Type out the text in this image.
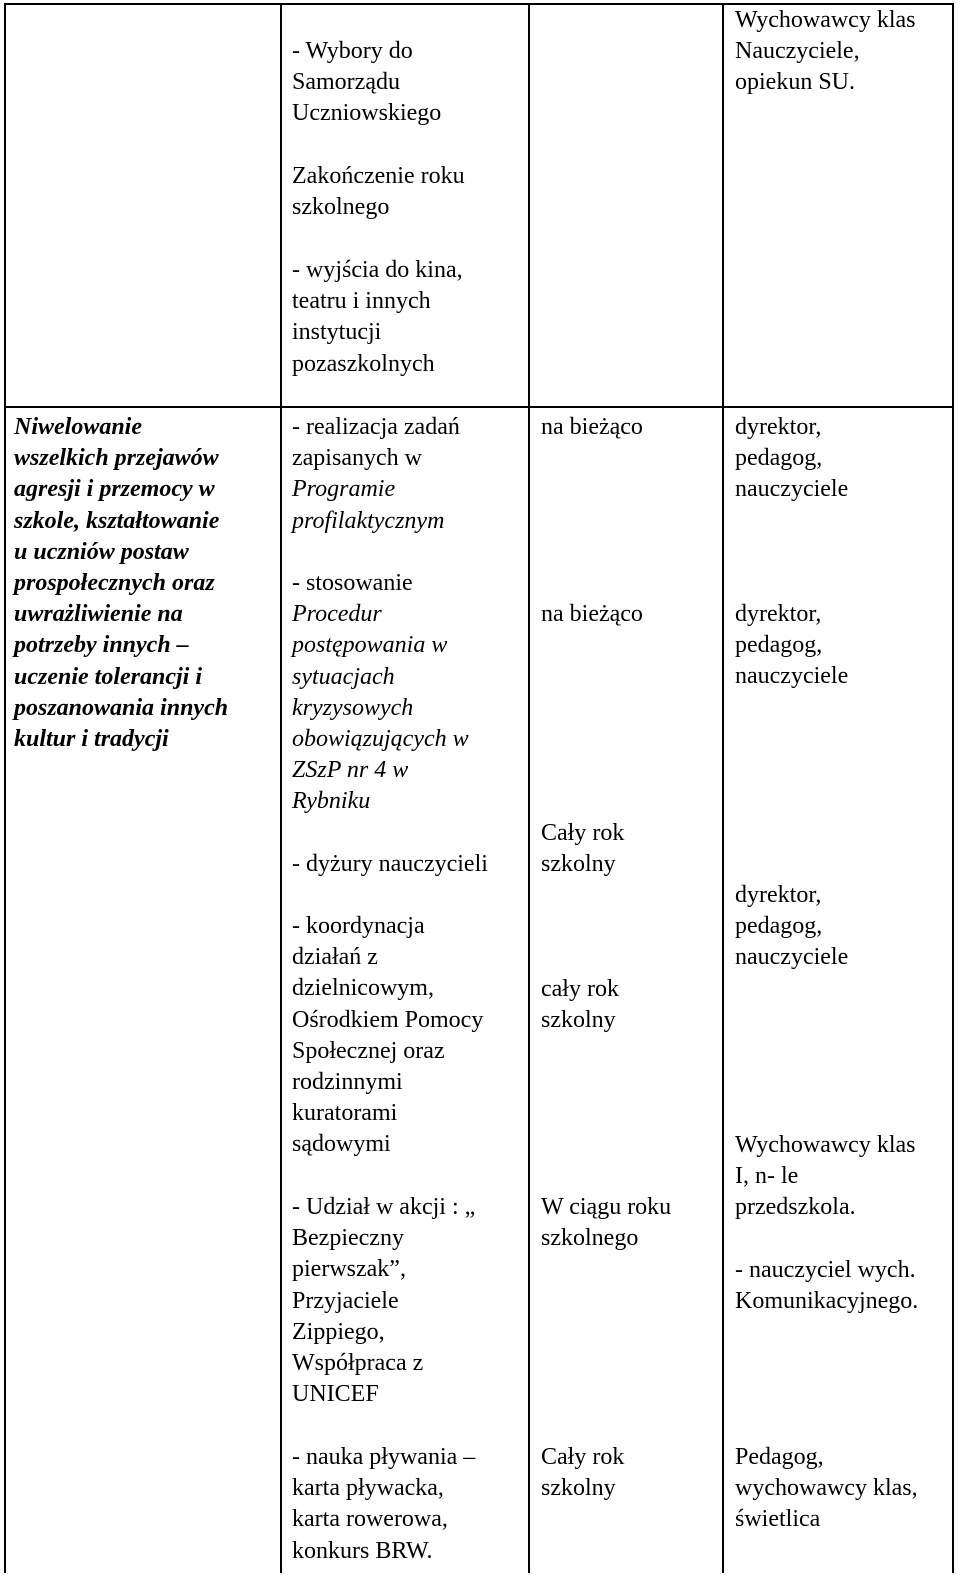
- Wybory do
Samorządu
Uczniowskiego
Zakończenie roku
szkolnego
- wyjścia do kina,
teatru i innych
instytucji
pozaszkolnych
Wychowawcy klas
Nauczyciele,
opiekun SU.
Niwelowanie
wszelkich przejawów
agresji i przemocy w
szkole, kształtowanie
u uczniów postaw
prospołecznych oraz
uwrażliwienie na
potrzeby innych –
uczenie tolerancji i
poszanowania innych
kultur i tradycji
- realizacja zadań
zapisanych w
Programie
profilaktycznym
- stosowanie
Procedur
postępowania w
sytuacjach
kryzysowych
obowiązujących w
ZSzP nr 4 w
Rybniku
- dyżury nauczycieli
- koordynacja
działań z
dzielnicowym,
Ośrodkiem Pomocy
Społecznej oraz
rodzinnymi
kuratorami
sądowymi
- Udział w akcji : „
Bezpieczny
pierwszak”,
Przyjaciele
Zippiego,
Współpraca z
UNICEF
- nauka pływania –
karta pływacka,
karta rowerowa,
konkurs BRW.
na bieżąco
na bieżąco
Cały rok
szkolny
cały rok
szkolny
W ciągu roku
szkolnego
Cały rok
szkolny
dyrektor,
pedagog,
nauczyciele
dyrektor,
pedagog,
nauczyciele
dyrektor,
pedagog,
nauczyciele
Wychowawcy klas
I, n- le
przedszkola.
- nauczyciel wych.
Komunikacyjnego.
Pedagog,
wychowawcy klas,
świetlica
